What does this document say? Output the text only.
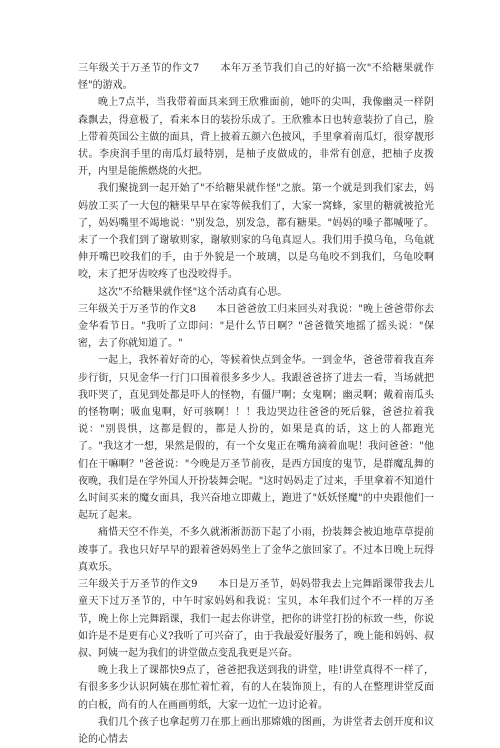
三年级关于万圣节的作文7　　本年万圣节我们自己的好搞一次"不给糖果就作怪"的游戏。

晚上7点半，当我带着面具来到王欣雅面前，她吓的尖叫，我像幽灵一样阴森飘去，得意极了，看来本日的装扮乐成了。王欣雅本日也转意装扮了自己，脸上带着英国公主做的面具，背上披着五颜六色披风，手里拿着南瓜灯，很穿靓形状。李庚润手里的南瓜灯最特别，是柚子皮做成的，非常有创意，把柚子皮拨开，内里是能熊燃烧的火把。

我们聚拢到一起开始了"不给糖果就作怪"之旅。第一个就是到我们家去，妈妈放工买了一大包的糖果早早在家等候我们了，大家一窝蜂，家里的糖就被抢光了，妈妈嘴里不竭地说："别发急，别发急，都有糖果。"妈妈的嗓子都喊哑了。末了一个我们到了谢敏则家，谢敏则家的乌龟真逗人。我们用手摸乌龟，乌龟就伸开嘴巴咬我们的手，由于外貌是一个玻璃，以是乌龟咬不到我们，乌龟咬啊咬，末了把牙齿咬疼了也没咬得手。

这次"不给糖果就作怪"这个活动真有心思。

三年级关于万圣节的作文8　　本日爸爸放工归来回头对我说："晚上爸爸带你去金华看节日。"我听了立即问："是什么节日啊？"爸爸微笑地摇了摇头说："保密，去了你就知道了。"

一起上，我怀着好奇的心，等候着快点到金华。一到金华，爸爸带着我直奔步行街，只见金华一行门口围着很多多少人。我跟爸爸挤了进去一看，当场就把我吓哭了，直见到处都是吓人的怪物，有僵尸啊；女鬼啊；幽灵啊；戴着南瓜头的怪物啊；吸血鬼啊，好可骇啊！！！我边哭边往爸爸的死后躲，爸爸拉着我说："别畏惧，这都是假的，都是人扮的，如果是真的话，这上的人都跑光了。"我这才一想，果然是假的，有一个女鬼正在嘴角滴着血呢！我问爸爸："他们在干嘛啊？"爸爸说："今晚是万圣节前夜，是西方国度的鬼节，是群魔乱舞的夜晚，我们是在学外国人开扮装舞会呢。"这时妈妈走了过来，手里拿着不知道什么时间买来的魔女面具，我兴奋地立即戴上，跑进了"妖妖怪魔"的中央跟他们一起玩了起来。

痛惜天空不作美，不多久就淅淅沥沥下起了小雨，扮装舞会被迫地草草提前竣事了。我也只好早早的跟着爸妈妈坐上了金华之旅回家了。不过本日晚上玩得真欢乐。

三年级关于万圣节的作文9　　本日是万圣节，妈妈带我去上完舞蹈课带我去儿童天下过万圣节的，中午时家妈妈和我说：宝贝，本年我们过个不一样的万圣节，晚上你上完舞蹈课，我们一起去你讲堂，把你的讲堂打扮的标致一些，你说如许是不是更有心义?我听了可兴奋了，由于我最爱好服务了，晚上能和妈妈、叔叔、阿姨一起为我们的讲堂做点变乱我更是兴奋。

晚上我上了课都快9点了，爸爸把我送到我的讲堂，哇!讲堂真得不一样了，有很多多少认识阿姨在那忙着忙着，有的人在装饰顶上，有的人在整理讲堂反面的白板，尚有的人在画画剪纸，大家一边忙一边讨论着。

我们几个孩子也拿起剪刀在那上画出那嫦娥的图画，为讲堂者去创开度和议论的心情去
